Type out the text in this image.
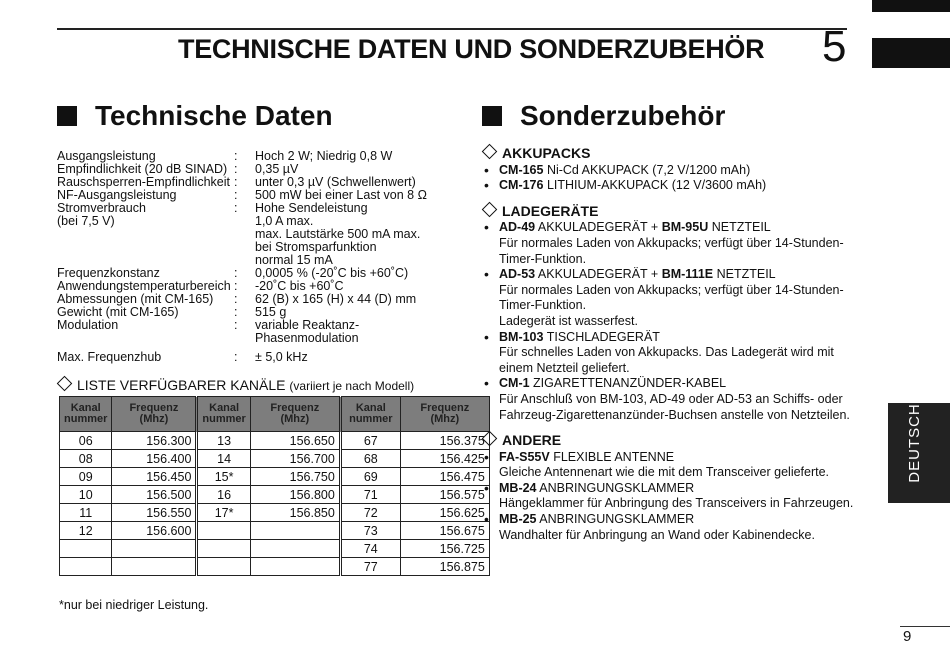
TECHNISCHE DATEN UND SONDERZUBEHÖR 5
DEUTSCH
Technische Daten
Ausgangsleistung	:	Hoch 2 W; Niedrig 0,8 W
Empfindlichkeit (20 dB SINAD) :	0,35 µV
Rauschsperren-Empfindlichkeit :	unter 0,3 µV (Schwellenwert)
NF-Ausgangsleistung	:	500 mW bei einer Last von 8 Ω
Stromverbrauch	:	Hohe Sendeleistung
(bei 7,5 V)	1,0 A max.
max. Lautstärke 500 mA max.
bei Stromsparfunktion
normal 15 mA
Frequenzkonstanz	:	0,0005 % (-20˚C bis +60˚C)
Anwendungstemperaturbereich :	-20˚C bis +60˚C
Abmessungen (mit CM-165)	:	62 (B) x 165 (H) x 44 (D) mm
Gewicht (mit CM-165)	:	515 g
Modulation	:	variable Reaktanz-
Phasenmodulation
Max. Frequenzhub	:	± 5,0 kHz
LISTE VERFÜGBARER KANÄLE (variiert je nach Modell)
Kanal nummer	Frequenz (Mhz)	Kanal nummer	Frequenz (Mhz)	Kanal nummer	Frequenz (Mhz)
06	156.300	13	156.650	67	156.375
08	156.400	14	156.700	68	156.425
09	156.450	15*	156.750	69	156.475
10	156.500	16	156.800	71	156.575
11	156.550	17*	156.850	72	156.625
12	156.600			73	156.675
				74	156.725
				77	156.875
*nur bei niedriger Leistung.
Sonderzubehör
AKKUPACKS
• CM-165 Ni-Cd AKKUPACK (7,2 V/1200 mAh)
• CM-176 LITHIUM-AKKUPACK (12 V/3600 mAh)
LADEGERÄTE
• AD-49 AKKULADEGERÄT + BM-95U NETZTEIL
Für normales Laden von Akkupacks; verfügt über 14-Stunden-
Timer-Funktion.
• AD-53 AKKULADEGERÄT + BM-111E NETZTEIL
Für normales Laden von Akkupacks; verfügt über 14-Stunden-
Timer-Funktion.
Ladegerät ist wasserfest.
• BM-103 TISCHLADEGERÄT
Für schnelles Laden von Akkupacks. Das Ladegerät wird mit
einem Netzteil geliefert.
• CM-1 ZIGARETTENANZÜNDER-KABEL
Für Anschluß von BM-103, AD-49 oder AD-53 an Schiffs- oder
Fahrzeug-Zigarettenanzünder-Buchsen anstelle von Netzteilen.
ANDERE
• FA-S55V FLEXIBLE ANTENNE
Gleiche Antennenart wie die mit dem Transceiver geliefertе.
• MB-24 ANBRINGUNGSKLAMMER
Hängeklammer für Anbringung des Transceivers in Fahrzeugen.
• MB-25 ANBRINGUNGSKLAMMER
Wandhalter für Anbringung an Wand oder Kabinendecke.
9
